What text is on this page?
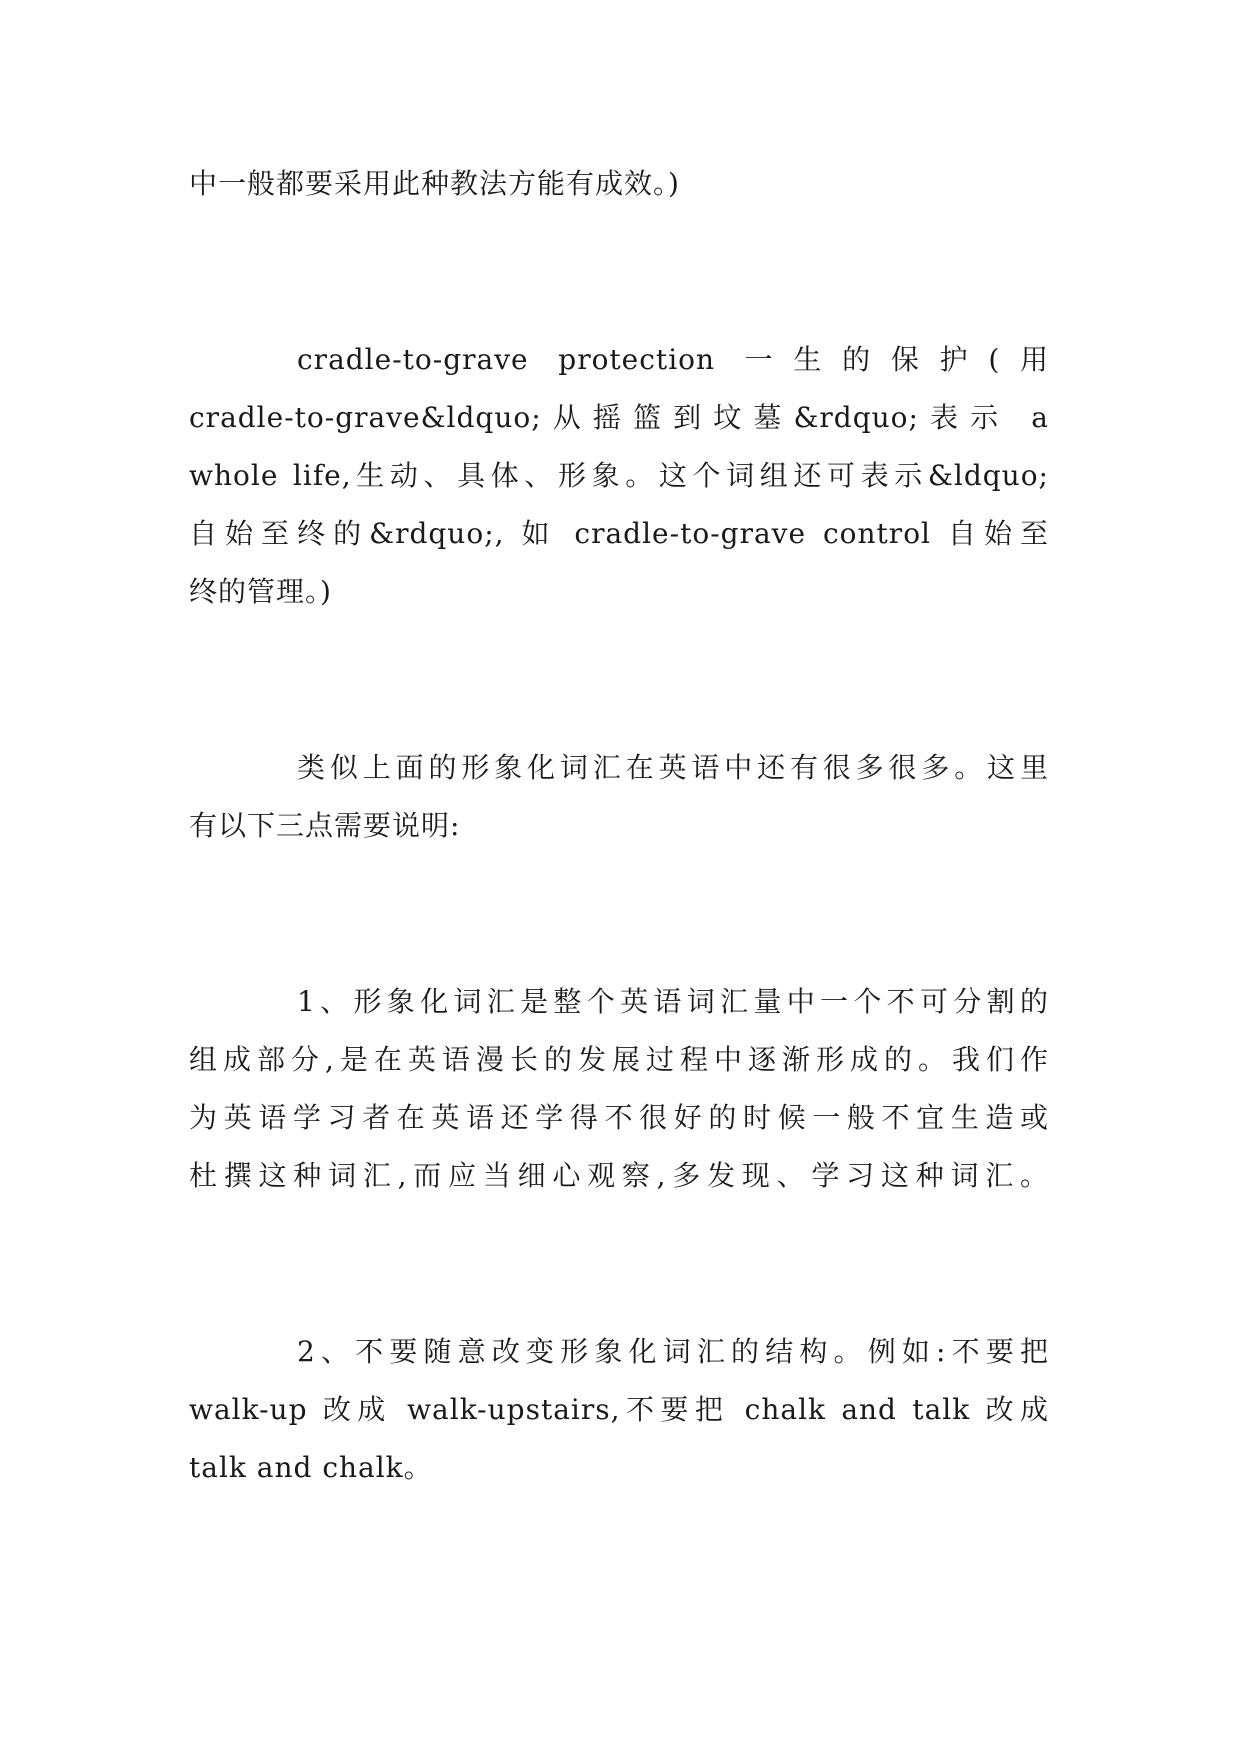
中一般都要采用此种教法方能有成效。)

cradle-to-grave protection 一生的保护(用

cradle-to-grave&ldquo;从摇篮到坟墓&rdquo;表示 a

whole life,生动、具体、形象。这个词组还可表示&ldquo;

自始至终的&rdquo;, 如 cradle-to-grave control 自始至

终的管理。)

类似上面的形象化词汇在英语中还有很多很多。这里

有以下三点需要说明:

1、形象化词汇是整个英语词汇量中一个不可分割的

组成部分,是在英语漫长的发展过程中逐渐形成的。我们作

为英语学习者在英语还学得不很好的时候一般不宜生造或

杜撰这种词汇,而应当细心观察,多发现、学习这种词汇。

2、不要随意改变形象化词汇的结构。例如:不要把

walk-up 改成 walk-upstairs,不要把 chalk and talk 改成

talk and chalk。
